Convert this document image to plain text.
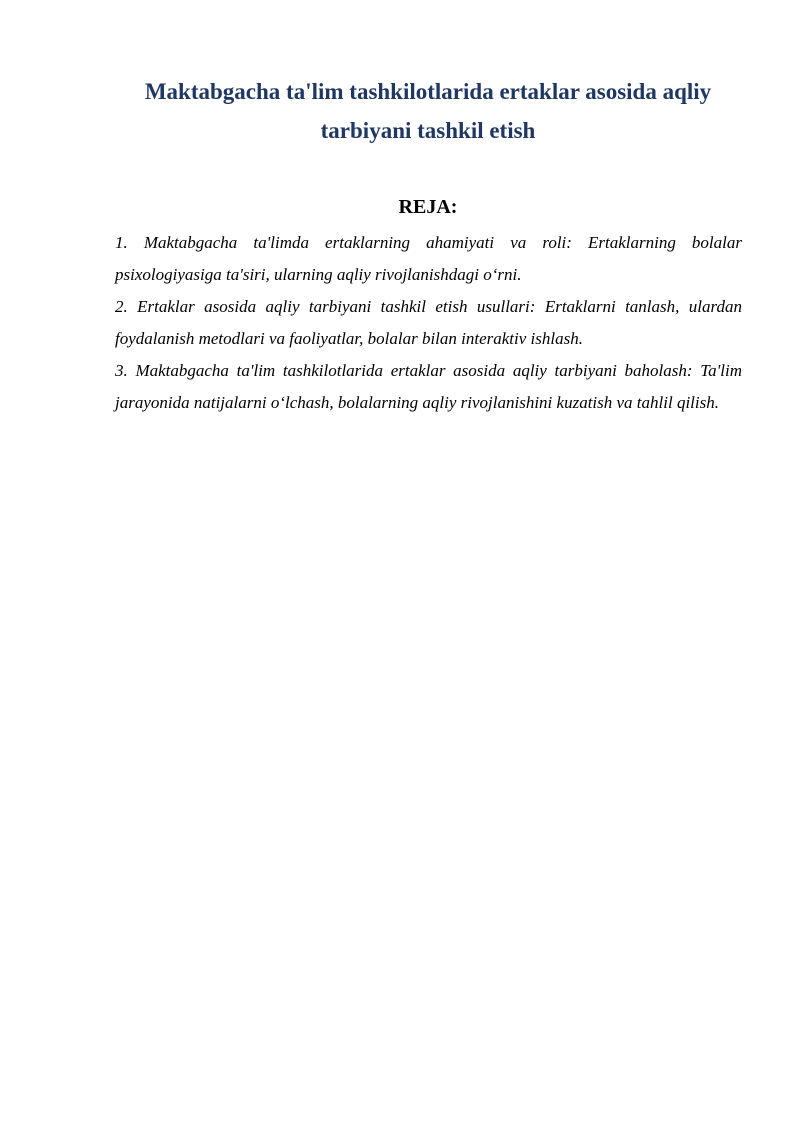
Maktabgacha ta'lim tashkilotlarida ertaklar asosida aqliy tarbiyani tashkil etish
REJA:
1. Maktabgacha ta'limda ertaklarning ahamiyati va roli: Ertaklarning bolalar psixologiyasiga ta'siri, ularning aqliy rivojlanishdagi o‘rni.
2. Ertaklar asosida aqliy tarbiyani tashkil etish usullari: Ertaklarni tanlash, ulardan foydalanish metodlari va faoliyatlar, bolalar bilan interaktiv ishlash.
3. Maktabgacha ta'lim tashkilotlarida ertaklar asosida aqliy tarbiyani baholash: Ta'lim jarayonida natijalarni o‘lchash, bolalarning aqliy rivojlanishini kuzatish va tahlil qilish.
